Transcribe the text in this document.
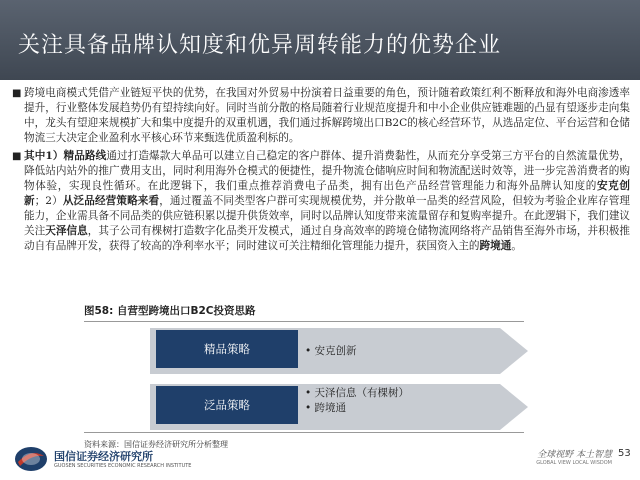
关注具备品牌认知度和优异周转能力的优势企业
■ 跨境电商模式凭借产业链短平快的优势，在我国对外贸易中扮演着日益重要的角色，预计随着政策红利不断释放和海外电商渗透率提升，行业整体发展趋势仍有望持续向好。同时当前分散的格局随着行业规范度提升和中小企业供应链难题的凸显有望逐步走向集中，龙头有望迎来规模扩大和集中度提升的双重机遇，我们通过拆解跨境出口B2C的核心经营环节，从选品定位、平台运营和仓储物流三大决定企业盈利水平核心环节来甄选优质盈利标的。
■ 其中1）精品路线通过打造爆款大单品可以建立自己稳定的客户群体、提升消费黏性，从而充分享受第三方平台的自然流量优势，降低站内站外的推广费用支出，同时利用海外仓模式的便捷性，提升物流仓储响应时间和物流配送时效等，进一步完善消费者的购物体验，实现良性循环。在此逻辑下，我们重点推荐消费电子品类，拥有出色产品经营管理能力和海外品牌认知度的安克创新；2）从泛品经营策略来看，通过覆盖不同类型客户群可实现规模优势，并分散单一品类的经营风险，但较为考验企业库存管理能力，企业需具备不同品类的供应链积累以提升供货效率，同时以品牌认知度带来流量留存和复购率提升。在此逻辑下，我们建议关注天泽信息，其子公司有棵树打造数字化品类开发模式，通过自身高效率的跨境仓储物流网络将产品销售至海外市场，并积极推动自有品牌开发，获得了较高的净利率水平；同时建议可关注精细化管理能力提升，获国资入主的跨境通。
图58: 自营型跨境出口B2C投资思路
精品策略	• 安克创新
泛品策略
• 天泽信息（有棵树）
• 跨境通
资料来源：国信证券经济研究所分析整理
国信证券经济研究所
GUOSEN SECURITIES ECONOMIC RESEARCH INSTITUTE
全球视野 本土智慧
GLOBAL VIEW LOCAL WISDOM
53
